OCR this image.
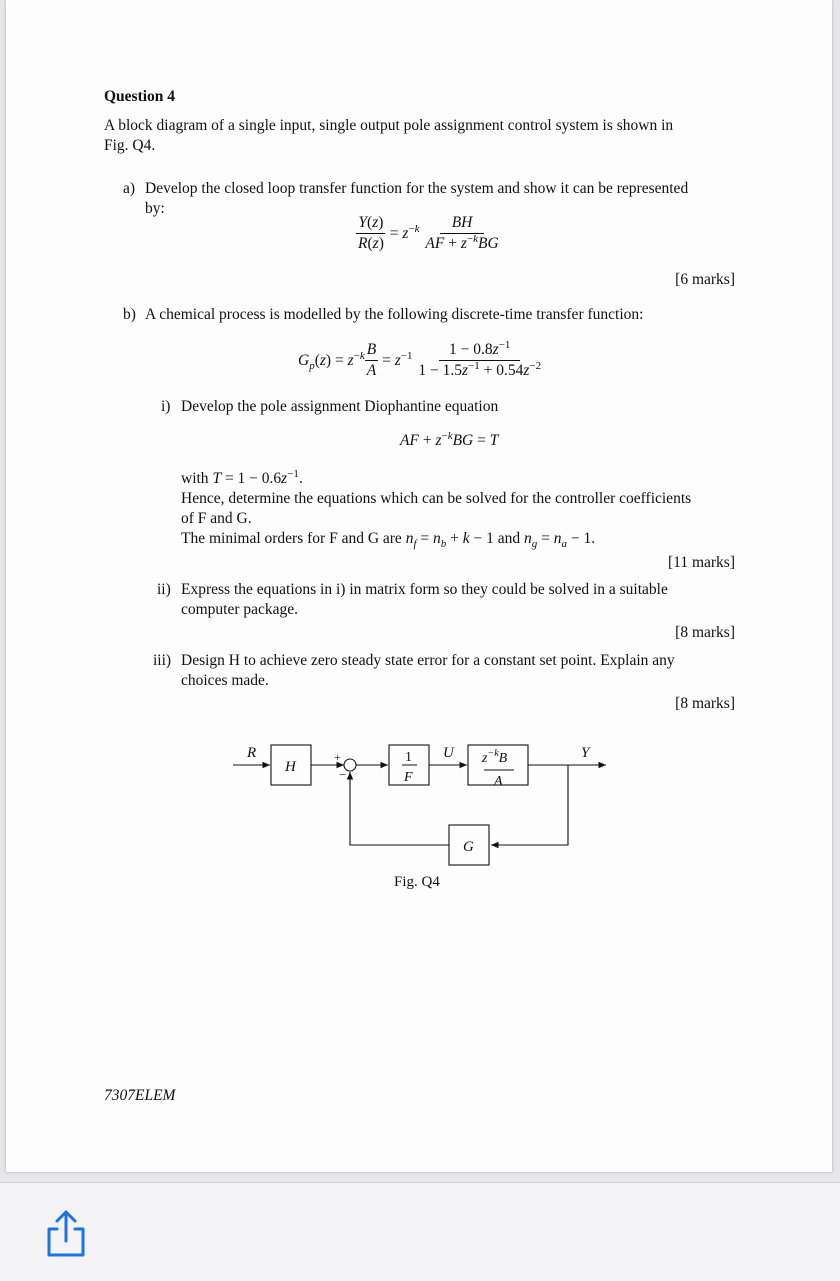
Question 4
A block diagram of a single input, single output pole assignment control system is shown in
Fig. Q4.
a) Develop the closed loop transfer function for the system and show it can be represented
by:
$\frac{Y(z)}{R(z)} = z^{-k} \frac{BH}{AF + z^{-k}BG}$
[6 marks]
b) A chemical process is modelled by the following discrete-time transfer function:
$G_p(z) = z^{-k} \frac{B}{A} = z^{-1} \frac{1 - 0.8z^{-1}}{1 - 1.5z^{-1} + 0.54z^{-2}}$
i) Develop the pole assignment Diophantine equation
AF + $z^{-k}BG = T$
with $T = 1 - 0.6z^{-1}$.
Hence, determine the equations which can be solved for the controller coefficients
of F and G.
The minimal orders for F and G are $n_f = n_b + k - 1$ and $n_g = n_a - 1$.
[11 marks]
ii) Express the equations in i) in matrix form so they could be solved in a suitable
computer package.
[8 marks]
iii) Design H to achieve zero steady state error for a constant set point. Explain any
choices made.
[8 marks]
R
H
+
−
1
F
U $z^{-k}B$
A
Y
G
Fig. Q4
7307ELEM
